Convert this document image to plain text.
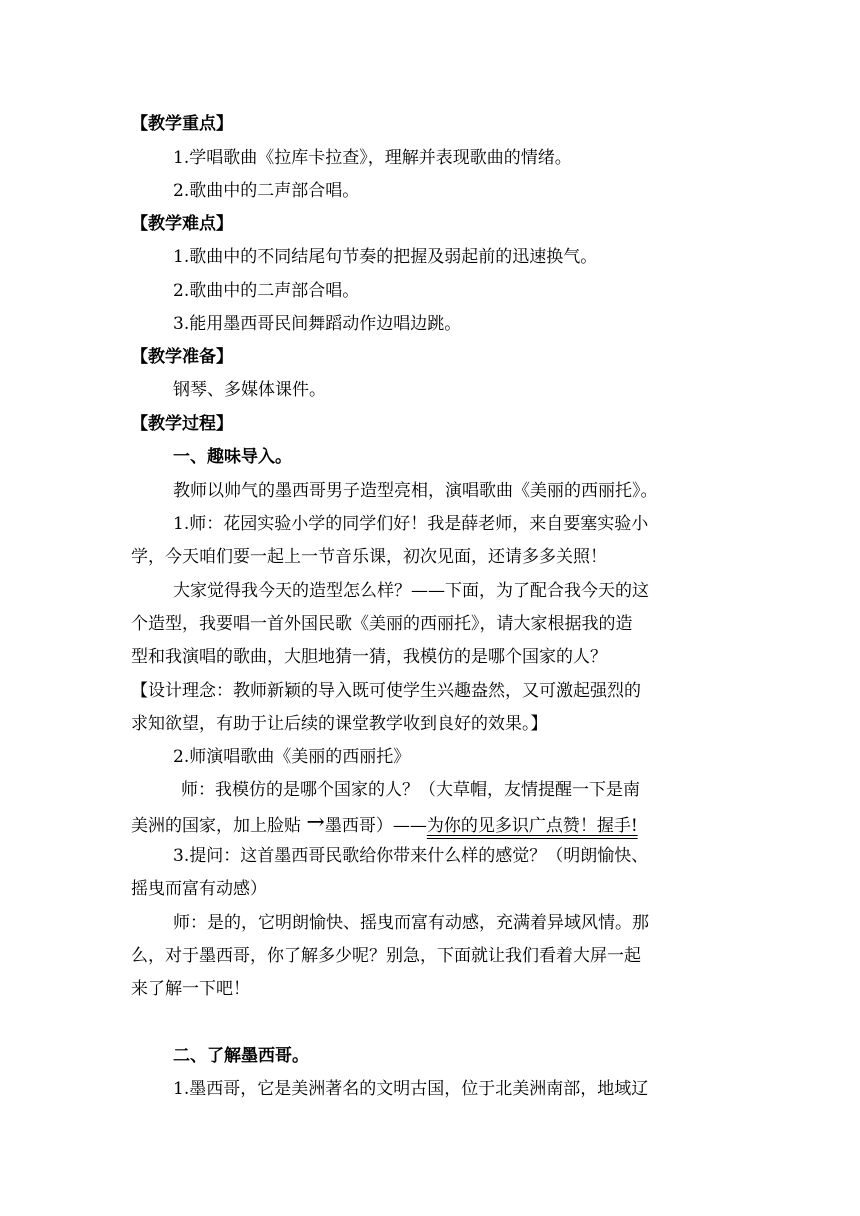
【教学重点】
1.学唱歌曲《拉库卡拉查》，理解并表现歌曲的情绪。
2.歌曲中的二声部合唱。
【教学难点】
1.歌曲中的不同结尾句节奏的把握及弱起前的迅速换气。
2.歌曲中的二声部合唱。
3.能用墨西哥民间舞蹈动作边唱边跳。
【教学准备】
钢琴、多媒体课件。
【教学过程】
一、趣味导入。
教师以帅气的墨西哥男子造型亮相，演唱歌曲《美丽的西丽托》。
1.师：花园实验小学的同学们好！我是薛老师，来自要塞实验小
学，今天咱们要一起上一节音乐课，初次见面，还请多多关照！
大家觉得我今天的造型怎么样？——下面，为了配合我今天的这
个造型，我要唱一首外国民歌《美丽的西丽托》，请大家根据我的造
型和我演唱的歌曲，大胆地猜一猜，我模仿的是哪个国家的人？
【设计理念：教师新颖的导入既可使学生兴趣盎然，又可激起强烈的
求知欲望，有助于让后续的课堂教学收到良好的效果。】
2.师演唱歌曲《美丽的西丽托》
师：我模仿的是哪个国家的人？（大草帽，友情提醒一下是南
美洲的国家，加上脸贴 →墨西哥）——为你的见多识广点赞！握手!
3.提问：这首墨西哥民歌给你带来什么样的感觉？（明朗愉快、
摇曳而富有动感）
师：是的，它明朗愉快、摇曳而富有动感，充满着异域风情。那
么，对于墨西哥，你了解多少呢？别急，下面就让我们看着大屏一起
来了解一下吧！
二、了解墨西哥。
1.墨西哥，它是美洲著名的文明古国，位于北美洲南部，地域辽
